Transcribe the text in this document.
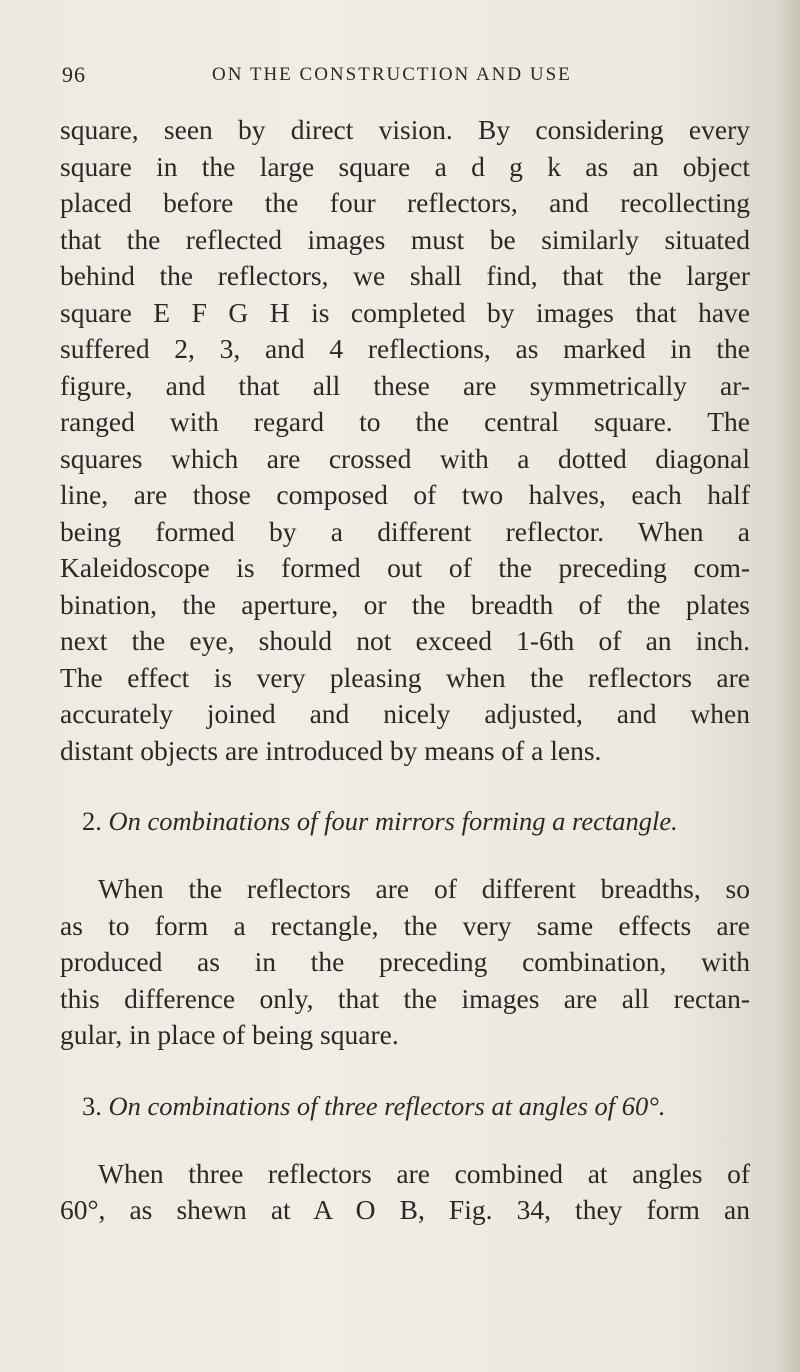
96	ON THE CONSTRUCTION AND USE
square, seen by direct vision. By considering every
square in the large square a d g k as an object
placed before the four reflectors, and recollecting
that the reflected images must be similarly situated
behind the reflectors, we shall find, that the larger
square E F G H is completed by images that have
suffered 2, 3, and 4 reflections, as marked in the
figure, and that all these are symmetrically ar-
ranged with regard to the central square. The
squares which are crossed with a dotted diagonal
line, are those composed of two halves, each half
being formed by a different reflector. When a
Kaleidoscope is formed out of the preceding com-
bination, the aperture, or the breadth of the plates
next the eye, should not exceed 1-6th of an inch.
The effect is very pleasing when the reflectors are
accurately joined and nicely adjusted, and when
distant objects are introduced by means of a lens.
2. On combinations of four mirrors forming a rectangle.
When the reflectors are of different breadths, so
as to form a rectangle, the very same effects are
produced as in the preceding combination, with
this difference only, that the images are all rectan-
gular, in place of being square.
3. On combinations of three reflectors at angles of 60°.
When three reflectors are combined at angles of
60°, as shewn at A O B, Fig. 34, they form an
